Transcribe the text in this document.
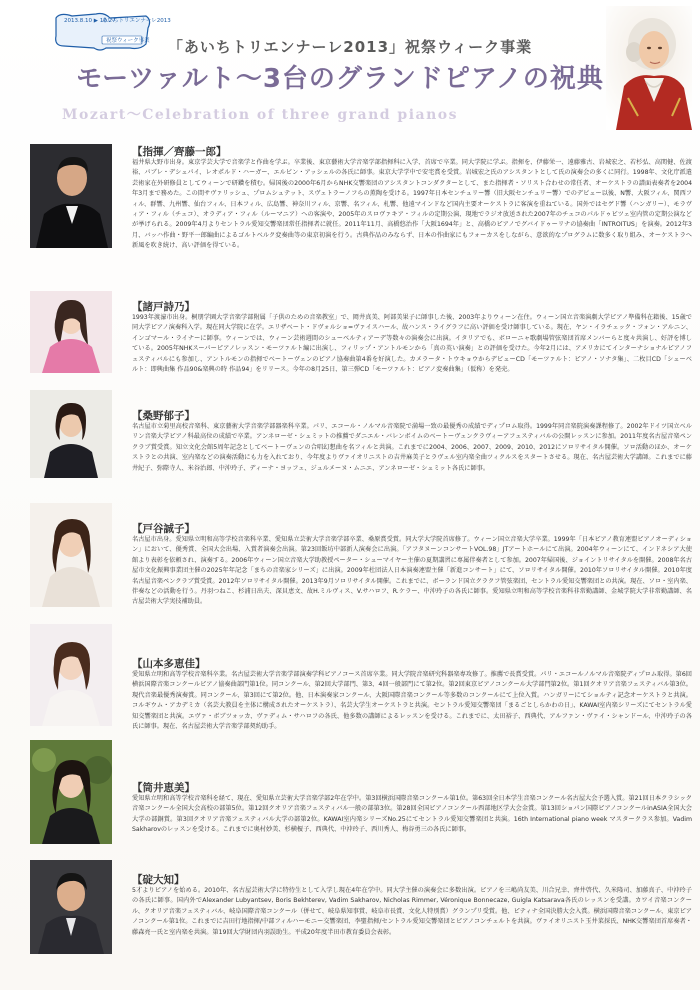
2013.8.10 ▶ 10.27
あいちトリエンナーレ2013
祝祭ウィーク事業	「あいちトリエンナーレ2013」祝祭ウィーク事業
モーツァルト〜3台のグランドピアノの祝典
Mozart～Celebration of three grand pianos
【指揮／齊藤一郎】
福井県大野市出身。東京学芸大学で音楽学と作曲を学ぶ。卒業後、東京藝術大学音楽学部指揮科に入学、首席で卒業。同大学院に学ぶ。指揮を、伊藤栄一、遠藤雅古、岩城宏之、若杉弘、高関健、佐渡裕、パブレ・デシュパイ、レオポルド・ハーガー、エルビン・アッシェルの各氏に師事。東京大学学中で安宅賞を受賞。岩城宏之氏のアシスタントとして氏の演奏会の多くに同行。1998年、文化庁派遣芸術家在外研修員としてウィーンで研鑽を積む。帰国後の2000年6月からNHK交響楽団のアシスタントコンダクターとして、また指揮者・ソリスト合わせの常任者、オーケストラの譜面表奏者を2004年3月まで務めた。この間サヴァリッシュ、プロムシュテット、スヴェトラーノフらの薫陶を受ける。1997年日本センチュリー響（旧大阪センチュリー響）でのデビュー以後、N響、大阪フィル、関西フィル、群響、九州響、仙台フィル、日本フィル、広島響、神奈川フィル、京響、名フィル、札響、他遠マインドなど国内主要オーケストラに客演を重ねている。国外ではセゲド響（ハンガリー）、モラヴィア・フィル（チェコ）、オラディア・フィル（ルーマニア）への客演や、2005年のスロヴァキア・フィルの定期公演、現地でラジオ放送された2007年のチェコのパルドゥビツェ室内管の定期公演などが挙げられる。2009年4月よりセントラル愛知交響楽団常任指揮者に就任。2011年11月、高橋悠治作「大阪1694年」と、高橋のピアノでグバイドゥーリナの協奏曲「INTROITUS」を演奏。2012年3月、バッハ作曲・野平一郎編曲によるゴルトベルク変奏曲等の東京初演を行う。古典作品のみならず、日本の作曲家にもフォーカスをしながら、意欲的なプログラムに数多く取り組み、オーケストラへ新風を吹き続け、高い評価を得ている。
【諸戸詩乃】
1993年渡濠市出身。桐朋学園大学音楽学部附属「子供のための音楽教室」で、岡井真美、阿部美果子に師事した後、2003年よりウィーン在住。ウィーン国立音楽演劇大学ピアノ準備科在籍後、15歳で同大学ピアノ演奏科入学。現在同大学院に在学。エリザベート・ドヴォルショ=ヴァイスハール、故ハンス・ライグラフに高い評価を受け師事している。現在、ヤン・イラチェック・フォン・アルニン、インゴマール・ライナーに師事。ウィーンでは、ウィーン芸術週間のシューベルティアーデ等数々の演奏会に出演。イタリアでも、ボローニャ歌劇場管弦楽団首席メンバーらと度々共演し、好評を博している。2005年NHKスーパーピアノレッスン・モーツァルト編に出演し、フィリップ・アントルモンから「真の英い演奏」との評価を受けた。今年2月には、アメリカにてインターナショナルピアノフェスティバルにも参加し、アントルモンの指揮でベートーヴェンのピアノ協奏曲第4番を好演した。カメラータ・トウキョウからデビューCD「モーツァルト：ピアノ・ソナタ集」、二枚目CD「シューベルト：即興曲集 作品90&楽興の時 作品94」をリリース。今年の8月25日、第三弾CD「モーツァルト：ピアノ変奏曲集」（仮称）を発売。
【桑野郁子】
名古屋市立菊里高校音楽科、東京藝術大学音楽学部器楽科卒業。パリ、エコール・ノルマル音楽院で満場一致の最優秀の成績でディプロム取得。1999年同音楽院演奏課程修了。2002年ドイツ国立ベルリン音楽大学ピアノ科最高位の成績で卒業。アンネローゼ・シュミットの推薦でダニエル・バレンボイムのベートーヴェンクラヴィーアフェスティバルの公開レッスンに参加。2011年度名古屋音楽ペンクラブ賞受賞。知立文化会館5周年記念としてベートーヴェンの合唱幻想曲を名フィルと共演。これまでに2004、2006、2007、2009、2010、2012にソロリサイタル開催。ソロ活動のほか、オーケストラとの共演、室内楽などの演奏活動にも力を入れており、今年度よりヴァイオリニストの吉井麻美子とラヴェル室内楽全曲ツィクルスをスタートさせる。現在、名古屋芸術大学講師。これまでに藤井紀子、弥際寺人、米谷治郎、中沖玲子、ディーナ・ヨッフェ、ジュルメーヌ・ムニエ、アンネローゼ・シュミット各氏に師事。
【戸谷誠子】
名古屋市出身。愛知県立明和高等学校音楽科卒業、愛知県立芸術大学音楽学部卒業、桑原賞受賞。同大学大学院首席修了。ウィーン国立音楽大学卒業。1999年「日本ピアノ教育連盟ピアノオーディション」において、優秀賞、全国大会出場、入賞者演奏会出演。第23回飯坊中部新人演奏会に出演。「アフタヌーンコンサートVOL.98」JTアートホールにて出演。2004年ウィーンにて、インドネシア大使館より表彰を依頼され、演奏する。2006年ウィーン国立音楽大学助教授ペーター・シューマイヤー主催の夏期講習に専属伴奏者として参加。2007年帰国後、ジョイントリサイタルを開催。2008年名古屋市文化振興事業団主催の2025年年記念「まちの音楽家シリーズ」に出演。2009年杜団法人日本演奏連盟主催「新進コンサート」にて、ソロリサイタル開催。2010年ソロリサイタル開催。2010年度名古屋音楽ペンクラブ賞受賞。2012年ソロリサイタル開催。2013年9月ソロリサイタル開催。これまでに、ボーランド国立クラクフ管弦楽団、セントラル愛知交響楽団との共演。現在、ソロ・室内楽、伴奏などの活動を行う。丹羽つねこ、杉浦日出夫、深貝恵文、故H.ミルヴィス、V.サハロフ、R.ケラー、中沖玲子の各氏に師事。愛知県立明和高等学校音楽科非常勤講師、金城学院大学非常勤講師、名古屋芸術大学実技補助員。
【山本多恵佳】
愛知県立明和高等学校音楽科卒業。名古屋芸術大学音楽学部演奏学科ピアノコース首席卒業。同大学院音楽研究科器楽専攻修了。推薦で長賞受賞。パリ・エコールノルマル音楽院ディプロム取得。第6回横浜国際音楽コンクールピアノ協奏曲部門第1位。同コンクール、第2回大学部門、第3、4回一般部門にて第2位。第2回東京ピアノコンクール大学部門第2位。第1回クオリア音楽フェスティバル第3位。現代音楽最優秀演奏賞。同コンクール、第3回にて第2位。他、日本演奏家コンクール、大阪国際音楽コンクール等多数のコンクールにて上位入賞。ハンガリーにてショルティ記念オーケストラと共演。コルギウム・アカデミカ（名芸大教員を主体に構成されたオーケストラ）、名芸大学生オーケストラと共演。セントラル愛知交響楽団「まるごとしらかわの日」、KAWAI室内楽シリーズにてセントラル愛知交響楽団と共演。エヴァ・ボブツォッカ、ヴァディム・サハロフの各氏、他多数の講師によるレッスンを受ける。これまでに、太田裕子、西典代、アルファン・ヴァイ・シャンドール、中沖玲子の各氏に師事。現在、名古屋芸術大学音楽学部契約助手。
【筒井恵美】
愛知県立明和高等学校音楽科を経て、現在、愛知県立芸術大学音楽学部2年在学中。第3回横浜国際音楽コンクール第1位。第63回全日本学生音楽コンクール名古屋大会予選入賞。第21回日本クラシック音楽コンクール全国大会高校の部第5位。第12回クオリア音楽フェスティバル一般の部第3位。第28回全国ピアノコンクール西部地区学大会金賞。第13回ショパン国際ピアノコンクールinASIA全国大会大学の部銅賞。第3回クオリア音楽フェスティバル大学の部第2位。KAWAI室内楽シリーズNo.25にてセントラル愛知交響楽団と共演。16th International piano week マスタークラス参加。Vadim Sakharovのレッスンを受ける。これまでに奥村妙美、杉横榎子、西典代、中沖玲子、西川秀人、梅谷勇三の各氏に師事。
【碇大知】
5才よりピアノを始める。2010年、名古屋芸術大学に特待生として入学し現在4年在学中。同大学主催の演奏会に多数出演。ピアノを三嶋尚友美、川合兄幸、齊井啓代、久米隆司、加藤真子、中沖玲子の各氏に師事。国内外でAlexander Lubyantsev, Boris Bekhterev, Vadim Sakharov, Nicholas Rimmer, Véronique Bonnecaze, Guigla Katsarava各氏のレッスンを受講。カワイ音楽コンクール、クオリア音楽フェスティバル、岐阜国際音楽コンクール（併せて、岐阜県知事賞、岐阜市長賞、文化人特別賞）グランプリ受賞。他、ピティナ全国決勝大会入賞。横浜国際音楽コンクール、東京ピアノコンクール第1位。これまでに吉田行地指揮/中部フィルハーモニー交響楽団、李聖指揮/セントラル愛知交響楽団とピアノコンチェルトを共演。ヴァイオリニスト玉井菜採氏、NHK交響楽団首席奏者・藤森亮一氏と室内楽を共演。第19回大学財団内羽誤助生。平成20年度半田市教育委員会表彰。
